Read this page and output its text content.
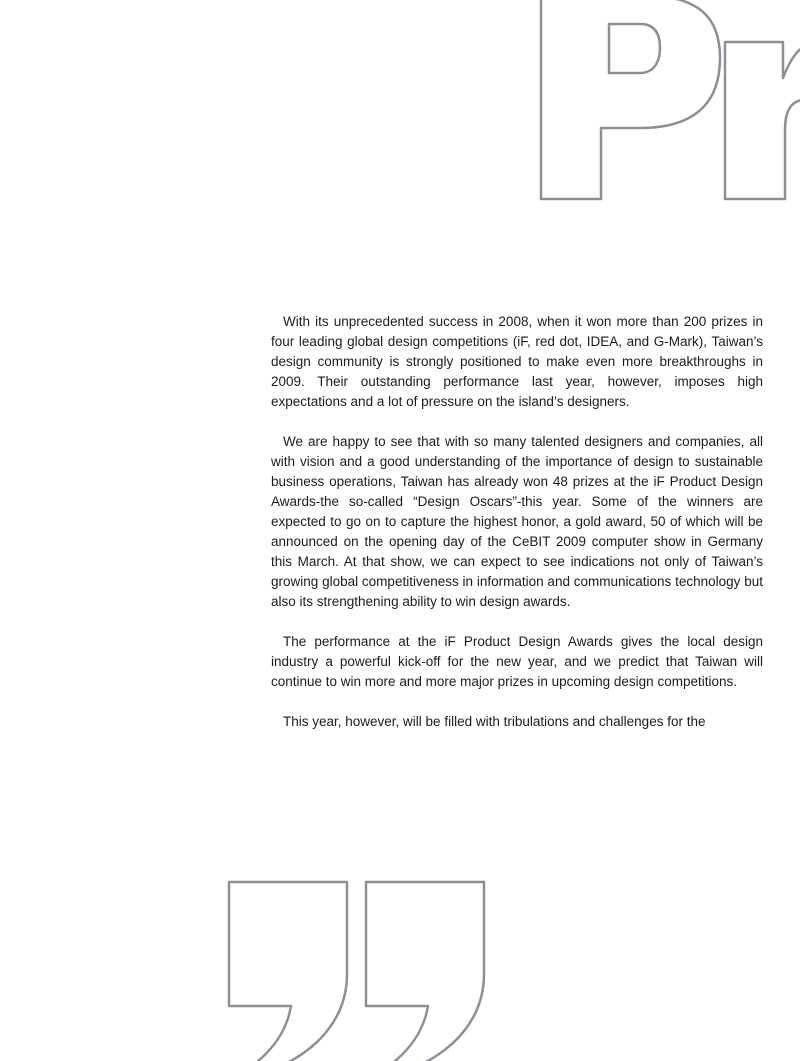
With its unprecedented success in 2008, when it won more than 200 prizes in four leading global design competitions (iF, red dot, IDEA, and G-Mark), Taiwan’s design community is strongly positioned to make even more breakthroughs in 2009. Their outstanding performance last year, however, imposes high expectations and a lot of pressure on the island’s designers.

We are happy to see that with so many talented designers and companies, all with vision and a good understanding of the importance of design to sustainable business operations, Taiwan has already won 48 prizes at the iF Product Design Awards-the so-called “Design Oscars”-this year. Some of the winners are expected to go on to capture the highest honor, a gold award, 50 of which will be announced on the opening day of the CeBIT 2009 computer show in Germany this March. At that show, we can expect to see indications not only of Taiwan’s growing global competitiveness in information and communications technology but also its strengthening ability to win design awards.

The performance at the iF Product Design Awards gives the local design industry a powerful kick-off for the new year, and we predict that Taiwan will continue to win more and more major prizes in upcoming design competitions.

This year, however, will be filled with tribulations and challenges for the
